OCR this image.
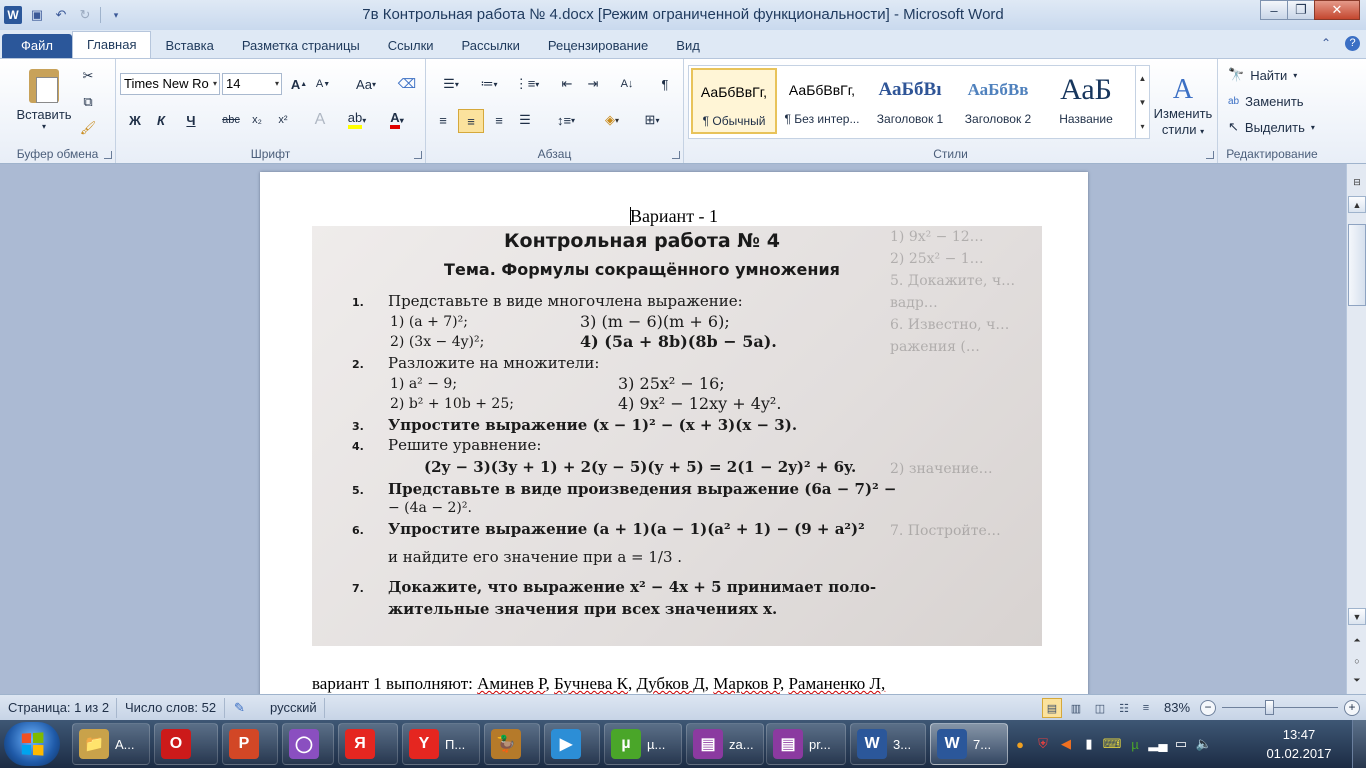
W ▣ ↶ ↻	▾	7в Контрольная работа № 4.docx [Режим ограниченной функциональности] - Microsoft Word	–	❐	✕
Файл	Главная	Вставка	Разметка страницы	Ссылки	Рассылки	Рецензирование	Вид	⌃	?
Вставить
▾
✂
⧉
🖌
Буфер обмена
Times New Ro ▾ 14	▾ A ▲ A ▼ Aa ▾ ⌫
Ж	К	Ч	abc	x₂	x²	A	ab ▾ A ▾
Шрифт
☰ ▾	≔ ▾	⋮≡ ▾	⇤	⇥	A↓	¶
≡	≡	≡	☰	↕≡ ▾	◈ ▾	⊞ ▾
Абзац	Стили
АаБбВвГг,
¶ Обычный
АаБбВвГг,
¶ Без интер...
АаБбВı
Заголовок 1
АаБбВв
Заголовок 2
АаБ
Название
▲
▼
▾
A
Изменить
стили ▾
🔭 Найти ▾
ab Заменить
↖ Выделить ▾
Редактирование
Вариант - 1
1) 9x² − 12…
2) 25x² − 1…
5. Докажите, ч…
вадр…
6. Известно, ч…
ражения (…
2) значение…
7. Постройте…
Контрольная работа № 4
Тема. Формулы сокращённого умножения
1. Представьте в виде многочлена выражение:
1) (a + 7)²;	3) (m − 6)(m + 6);
2) (3x − 4y)²;	4) (5a + 8b)(8b − 5a).
2. Разложите на множители:
1) a² − 9;	3) 25x² − 16;
2) b² + 10b + 25;	4) 9x² − 12xy + 4y².
3. Упростите выражение (x − 1)² − (x + 3)(x − 3).
4. Решите уравнение:
(2y − 3)(3y + 1) + 2(y − 5)(y + 5) = 2(1 − 2y)² + 6y.
5. Представьте в виде произведения выражение (6a − 7)² −
− (4a − 2)².
6. Упростите выражение (a + 1)(a − 1)(a² + 1) − (9 + a²)²
и найдите его значение при a = 1/3 .
7. Докажите, что выражение x² − 4x + 5 принимает поло-
жительные значения при всех значениях x.
вариант 1 выполняют: Аминев Р, Бучнева К, Дубков Д, Марков Р, Раманенко Л,
⊟
▲
▼
⏶
○
⏷
Страница: 1 из 2 Число слов: 52 ✎ русский	▤	▥	◫	☷	≡	83%	−	+
📁 А...	O	P	◯	Я	Y	П...	🦆	▶	µ	µ...	▤	za...	▤	pr...	W	3...	W	7...	●	⛨ ◀	▮ ⌨ µ ▂▄ ▭ 🔈
13:47
01.02.2017
